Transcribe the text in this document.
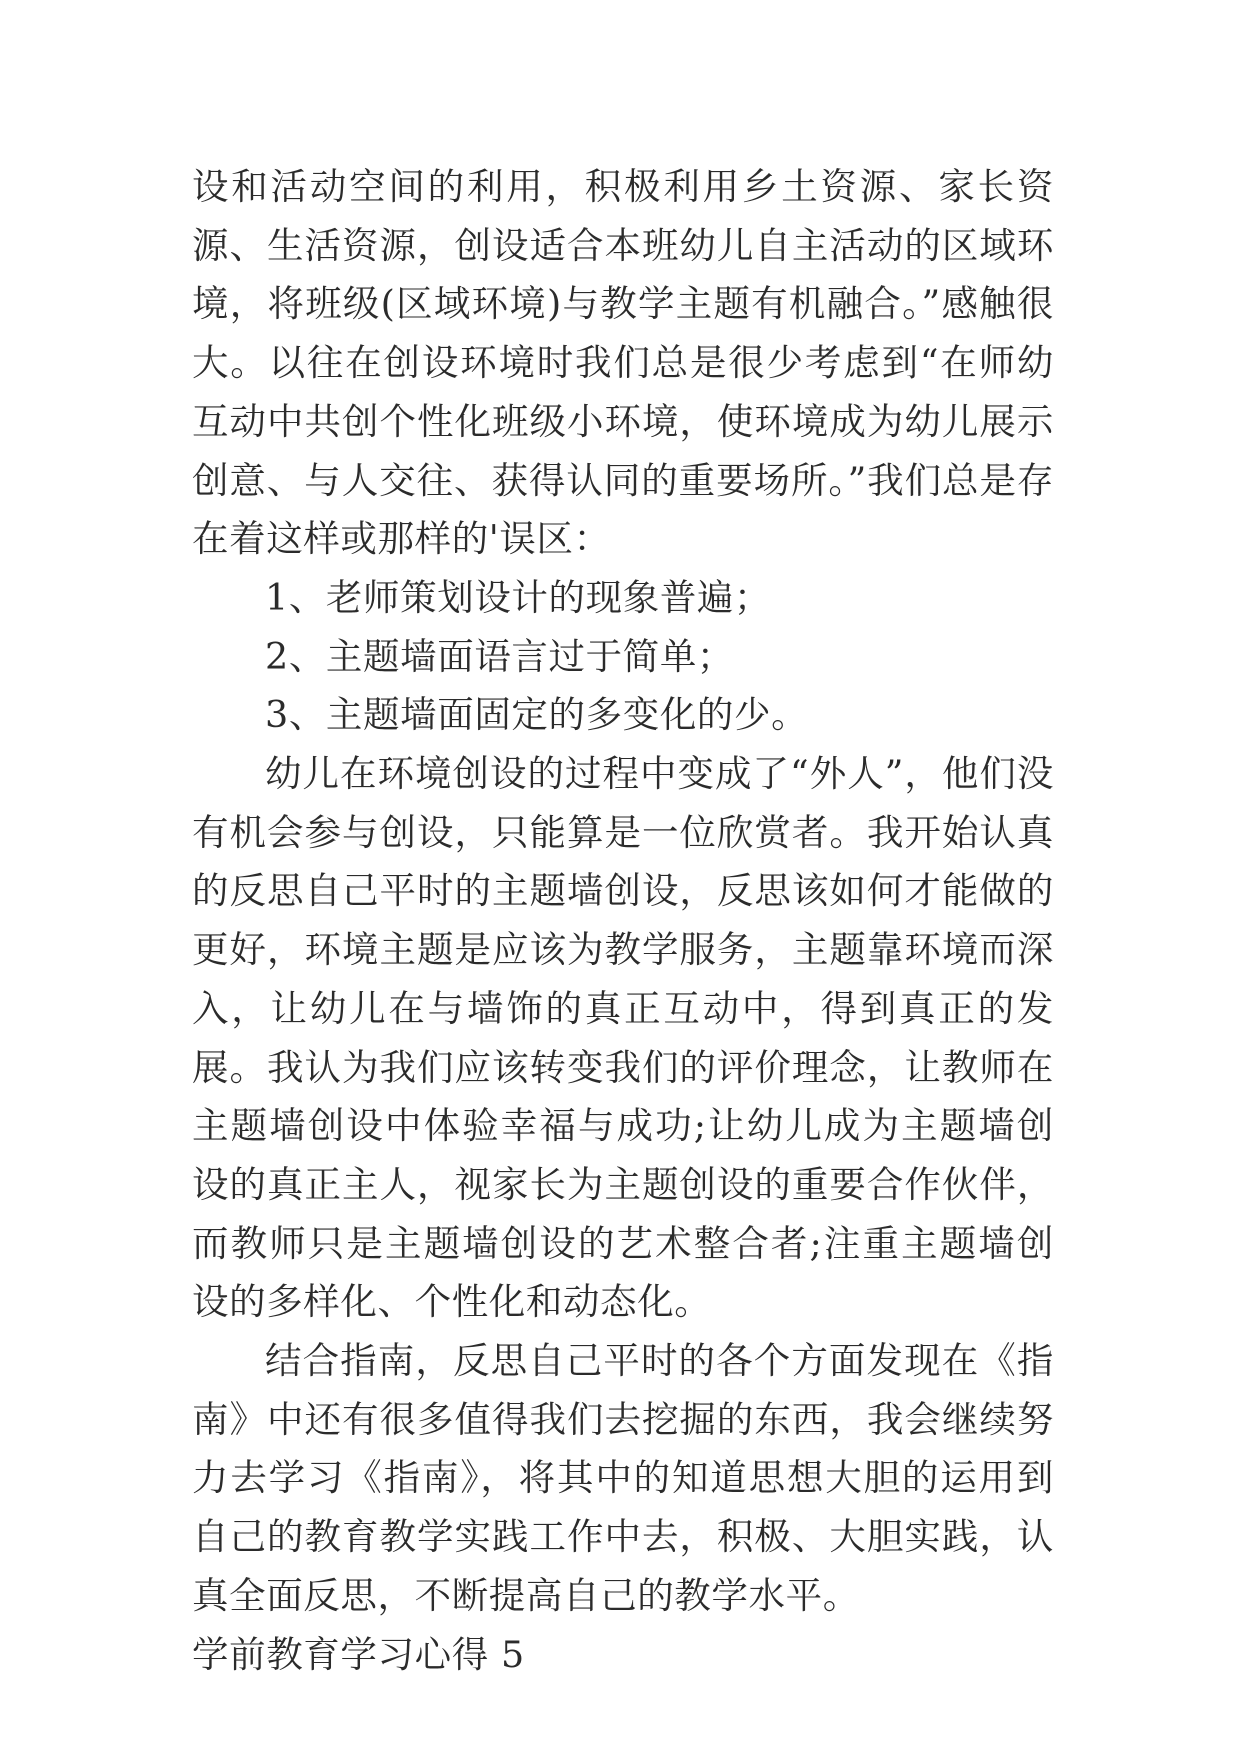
设和活动空间的利用，积极利用乡土资源、家长资源、生活资源，创设适合本班幼儿自主活动的区域环境，将班级(区域环境)与教学主题有机融合。”感触很大。以往在创设环境时我们总是很少考虑到“在师幼互动中共创个性化班级小环境，使环境成为幼儿展示创意、与人交往、获得认同的重要场所。”我们总是存在着这样或那样的'误区：

1、老师策划设计的现象普遍；

2、主题墙面语言过于简单；

3、主题墙面固定的多变化的少。

幼儿在环境创设的过程中变成了“外人”，他们没有机会参与创设，只能算是一位欣赏者。我开始认真的反思自己平时的主题墙创设，反思该如何才能做的更好，环境主题是应该为教学服务，主题靠环境而深入，让幼儿在与墙饰的真正互动中，得到真正的发展。我认为我们应该转变我们的评价理念，让教师在主题墙创设中体验幸福与成功;让幼儿成为主题墙创设的真正主人，视家长为主题创设的重要合作伙伴，而教师只是主题墙创设的艺术整合者;注重主题墙创设的多样化、个性化和动态化。

结合指南，反思自己平时的各个方面发现在《指南》中还有很多值得我们去挖掘的东西，我会继续努力去学习《指南》，将其中的知道思想大胆的运用到自己的教育教学实践工作中去，积极、大胆实践，认真全面反思，不断提高自己的教学水平。

学前教育学习心得 5
